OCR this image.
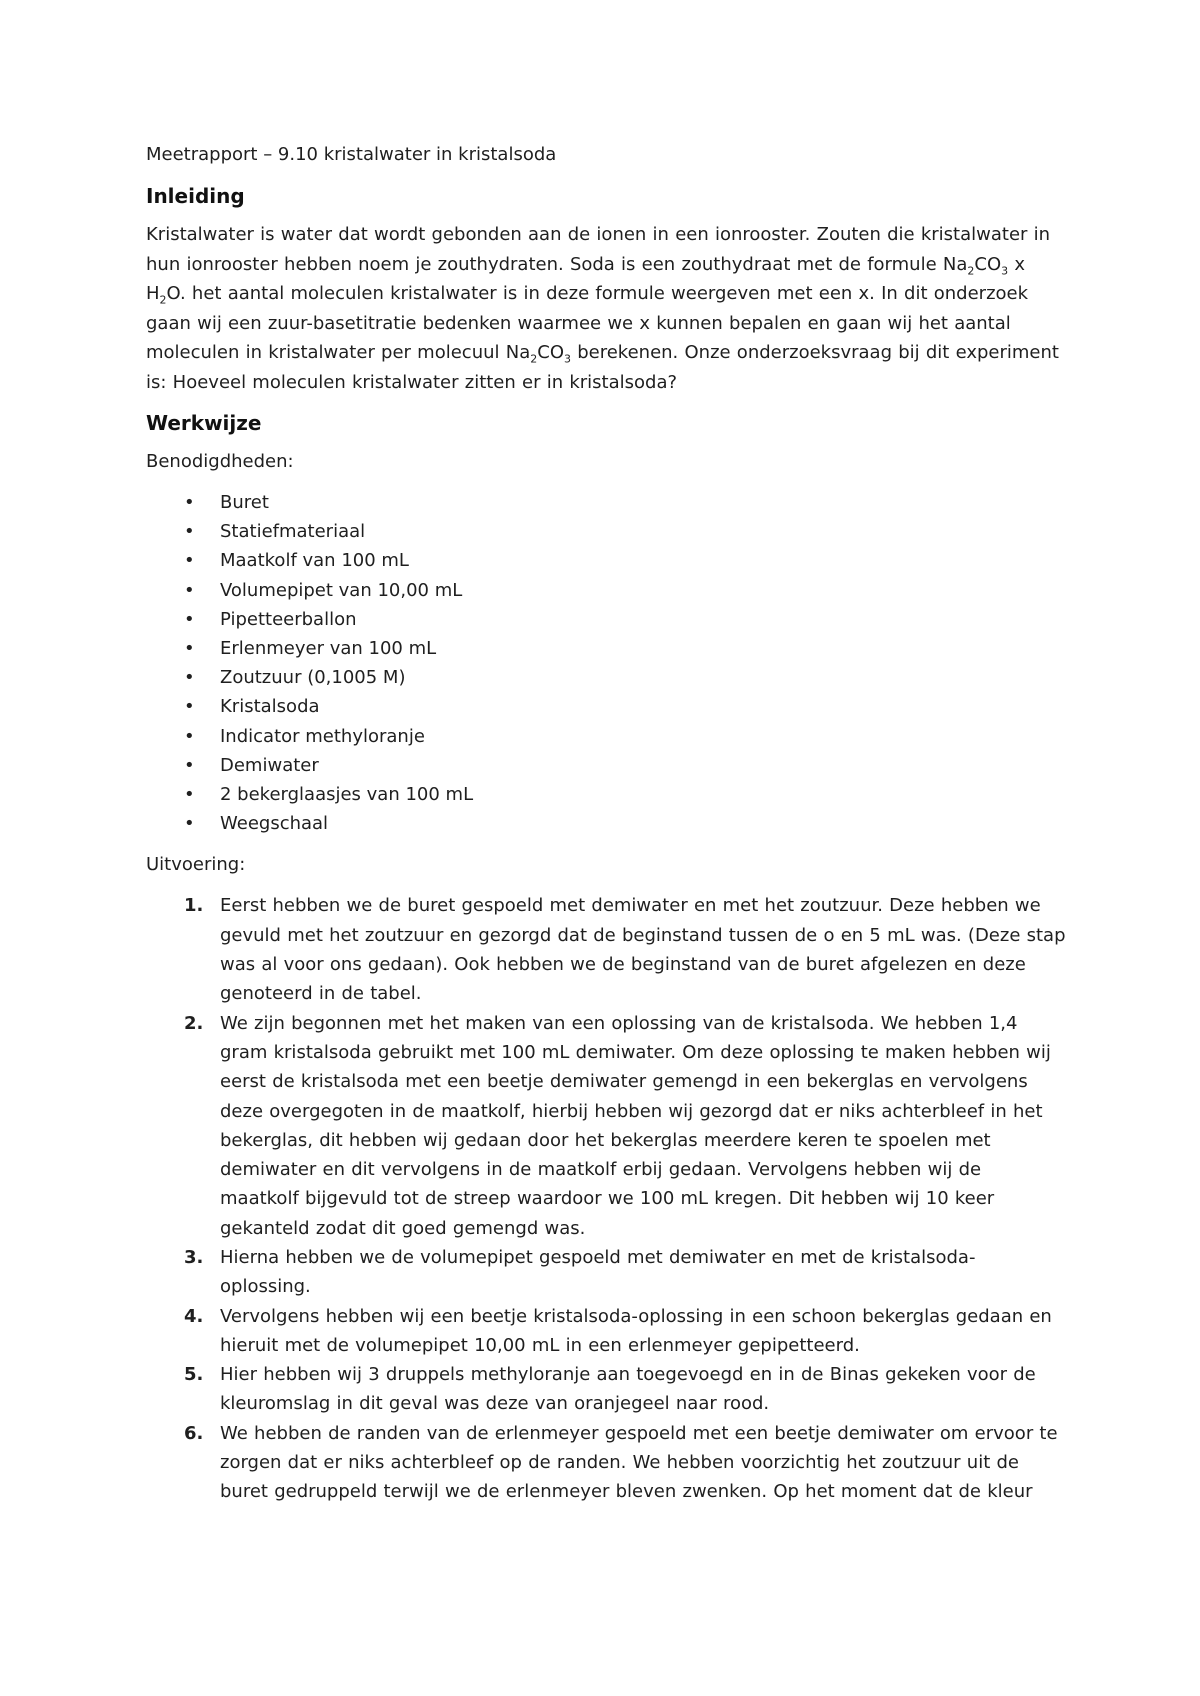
Meetrapport – 9.10 kristalwater in kristalsoda
Inleiding

Kristalwater is water dat wordt gebonden aan de ionen in een ionrooster. Zouten die kristalwater in hun ionrooster hebben noem je zouthydraten. Soda is een zouthydraat met de formule $Na_2CO_3$ x $H_2O$. het aantal moleculen kristalwater is in deze formule weergeven met een x. In dit onderzoek gaan wij een zuur-basetitratie bedenken waarmee we x kunnen bepalen en gaan wij het aantal moleculen in kristalwater per molecuul $Na_2CO_3$ berekenen. Onze onderzoeksvraag bij dit experiment is: Hoeveel moleculen kristalwater zitten er in kristalsoda?

Werkwijze
Benodigdheden:
• Buret
• Statiefmateriaal
• Maatkolf van 100 mL
• Volumepipet van 10,00 mL
• Pipetteerballon
• Erlenmeyer van 100 mL
• Zoutzuur (0,1005 M)
• Kristalsoda
• Indicator methyloranje
• Demiwater
• 2 bekerglaasjes van 100 mL
• Weegschaal
Uitvoering:
1. Eerst hebben we de buret gespoeld met demiwater en met het zoutzuur. Deze hebben we gevuld met het zoutzuur en gezorgd dat de beginstand tussen de o en 5 mL was. (Deze stap was al voor ons gedaan). Ook hebben we de beginstand van de buret afgelezen en deze genoteerd in de tabel.
2. We zijn begonnen met het maken van een oplossing van de kristalsoda. We hebben 1,4 gram kristalsoda gebruikt met 100 mL demiwater. Om deze oplossing te maken hebben wij eerst de kristalsoda met een beetje demiwater gemengd in een bekerglas en vervolgens deze overgegoten in de maatkolf, hierbij hebben wij gezorgd dat er niks achterbleef in het bekerglas, dit hebben wij gedaan door het bekerglas meerdere keren te spoelen met demiwater en dit vervolgens in de maatkolf erbij gedaan. Vervolgens hebben wij de maatkolf bijgevuld tot de streep waardoor we 100 mL kregen. Dit hebben wij 10 keer gekanteld zodat dit goed gemengd was.
3. Hierna hebben we de volumepipet gespoeld met demiwater en met de kristalsoda-oplossing.
4. Vervolgens hebben wij een beetje kristalsoda-oplossing in een schoon bekerglas gedaan en hieruit met de volumepipet 10,00 mL in een erlenmeyer gepipetteerd.
5. Hier hebben wij 3 druppels methyloranje aan toegevoegd en in de Binas gekeken voor de kleuromslag in dit geval was deze van oranjegeel naar rood.
6. We hebben de randen van de erlenmeyer gespoeld met een beetje demiwater om ervoor te zorgen dat er niks achterbleef op de randen. We hebben voorzichtig het zoutzuur uit de buret gedruppeld terwijl we de erlenmeyer bleven zwenken. Op het moment dat de kleur
